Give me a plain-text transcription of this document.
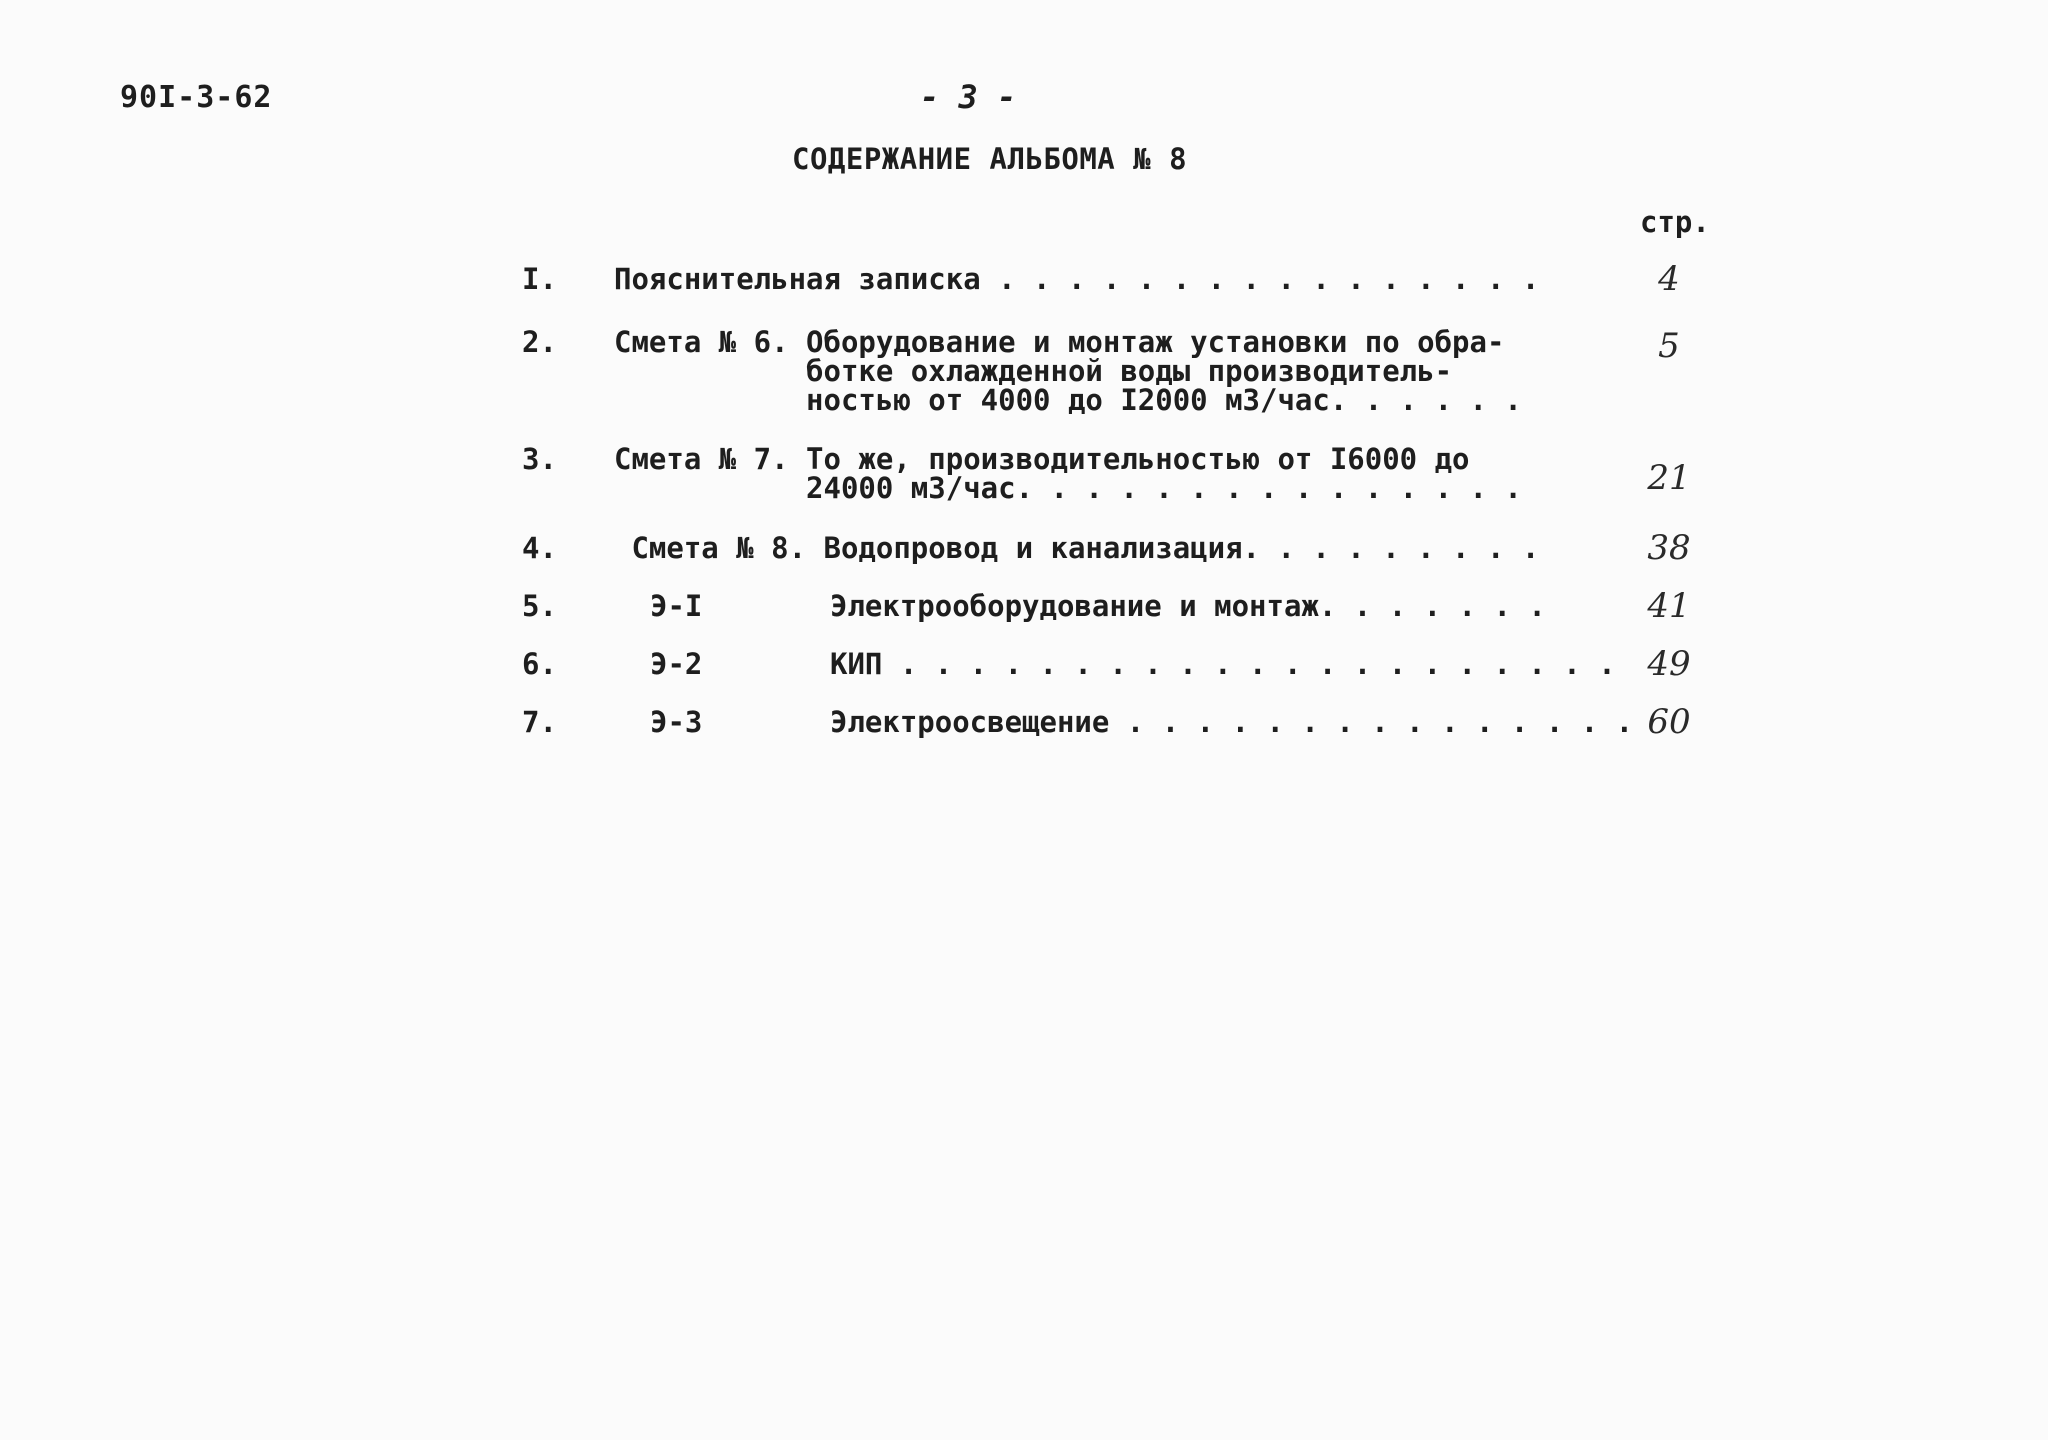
90I-3-62	- 3 -
СОДЕРЖАНИЕ АЛЬБОМА № 8
стр.
I. Пояснительная записка . . . . . . . . . . . . . . . .	4
2. Смета № 6. Оборудование и монтаж установки по обра-	5
ботке охлажденной воды производитель-
ностью от 4000 до I2000 м3/час. . . . . .
3. Смета № 7. То же, производительностью от I6000 до
24000 м3/час. . . . . . . . . . . . . . .	21
4. Смета № 8. Водопровод и канализация. . . . . . . . .	38
5.	Э-I	Электрооборудование и монтаж. . . . . . .	41
6.	Э-2	КИП . . . . . . . . . . . . . . . . . . . . . 49
7.	Э-3	Электроосвещение . . . . . . . . . . . . . . . 60
